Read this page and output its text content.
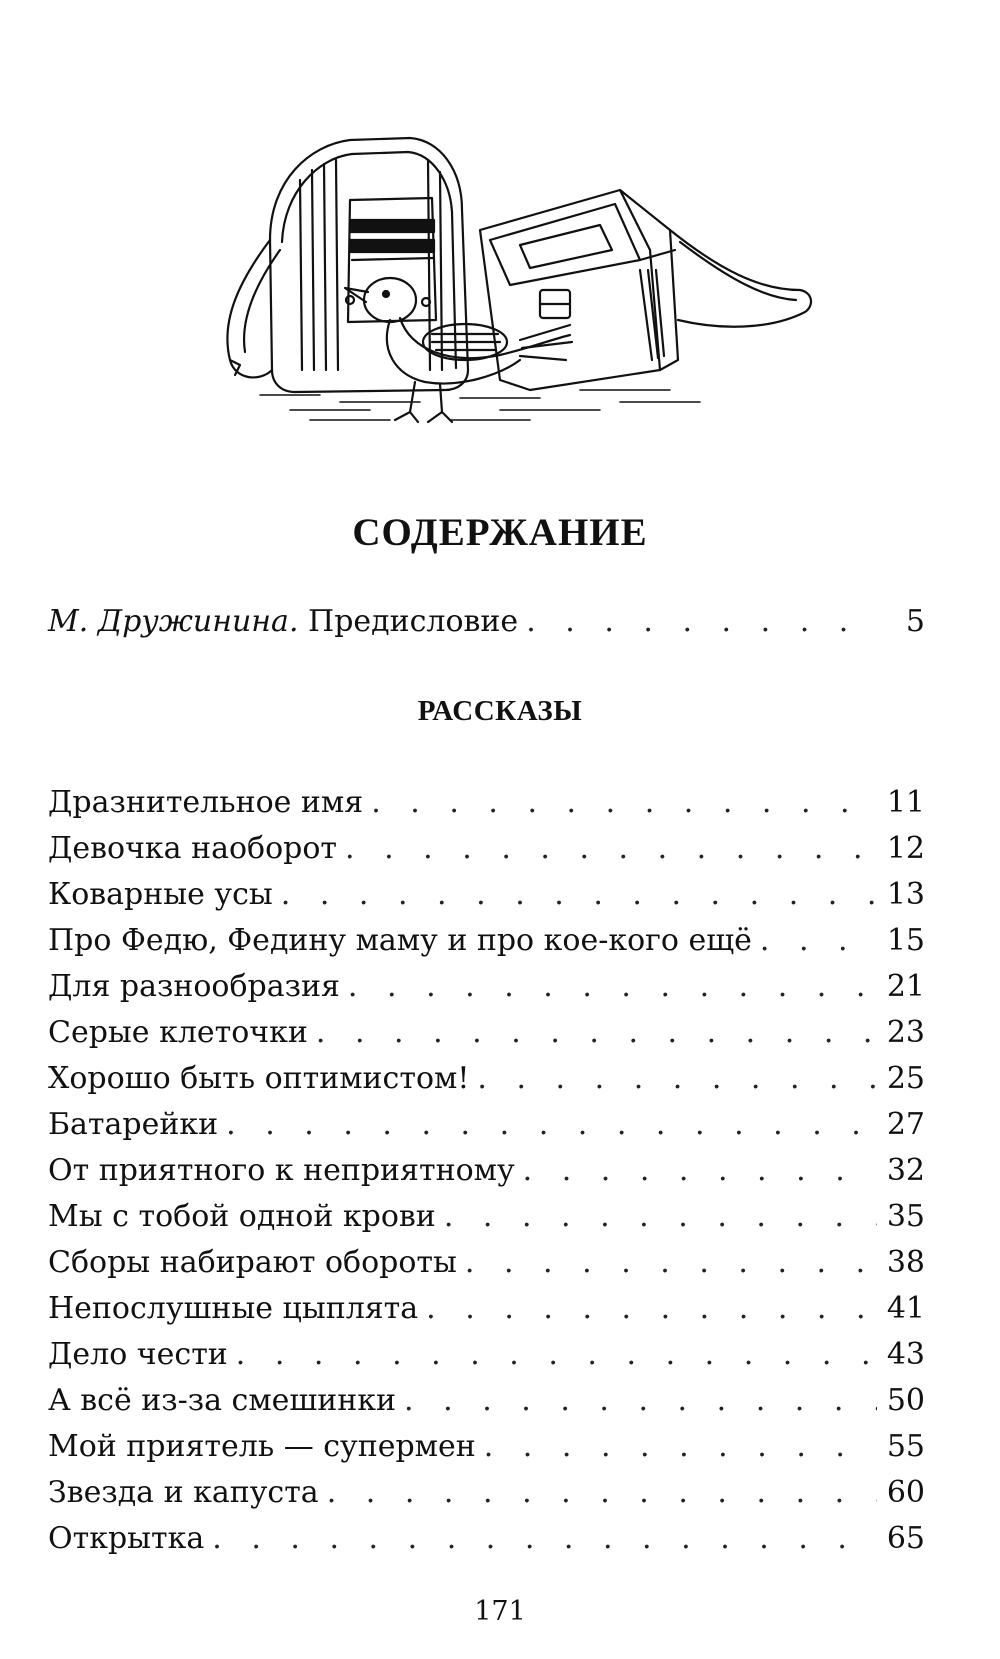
СОДЕРЖАНИЕ
М. Дружинина. Предисловие . . .	5
РАССКАЗЫ
Дразнительное имя . . .	11
Девочка наоборот . . .	12
Коварные усы . . .	13
Про Федю, Федину маму и про кое-кого ещё . . .	15
Для разнообразия . . .	21
Серые клеточки . . .	23
Хорошо быть оптимистом! . . .	25
Батарейки . . .	27
От приятного к неприятному . . .	32
Мы с тобой одной крови . . .	35
Сборы набирают обороты . . .	38
Непослушные цыплята . . .	41
Дело чести . . .	43
А всё из-за смешинки . . .	50
Мой приятель — супермен . . .	55
Звезда и капуста . . .	60
Открытка . . .	65
171
